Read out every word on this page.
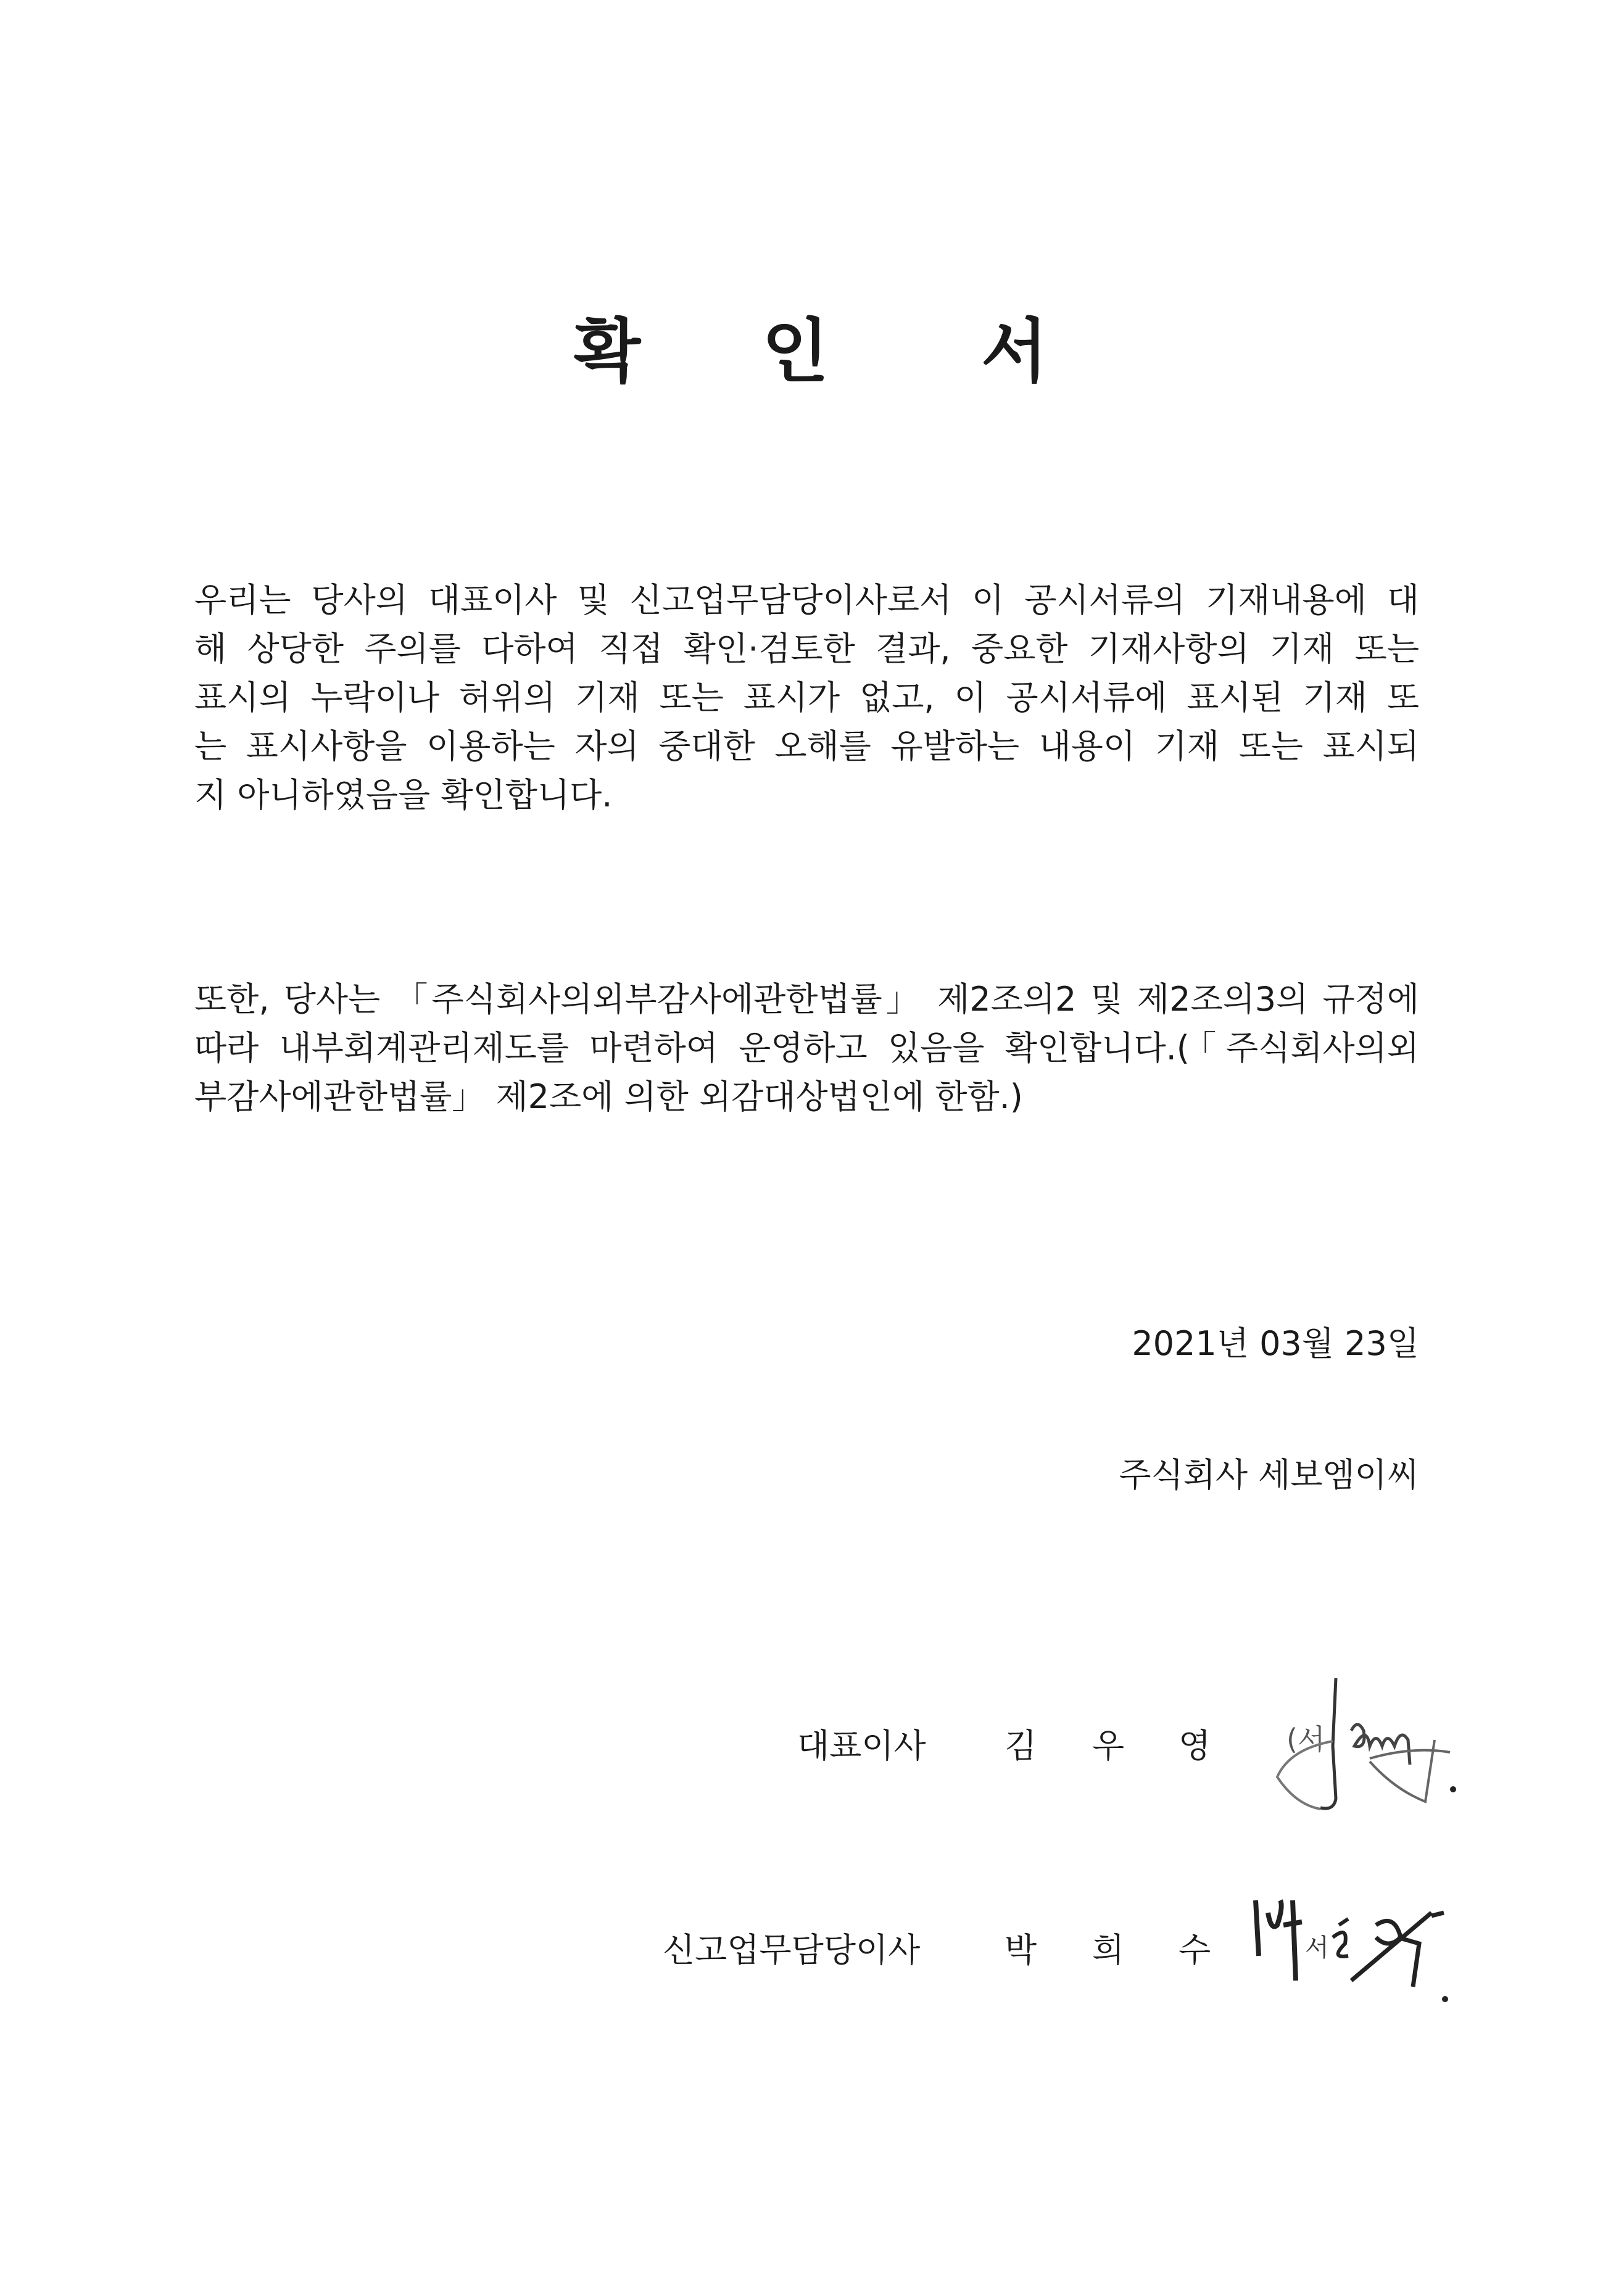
확 인 서
우리는 당사의 대표이사 및 신고업무담당이사로서 이 공시서류의 기재내용에 대
해 상당한 주의를 다하여 직접 확인·검토한 결과, 중요한 기재사항의 기재 또는
표시의 누락이나 허위의 기재 또는 표시가 없고, 이 공시서류에 표시된 기재 또
는 표시사항을 이용하는 자의 중대한 오해를 유발하는 내용이 기재 또는 표시되
지 아니하였음을 확인합니다.
또한, 당사는 「주식회사의외부감사에관한법률」 제2조의2 및 제2조의3의 규정에
따라 내부회계관리제도를 마련하여 운영하고 있음을 확인합니다.(「주식회사의외
부감사에관한법률」 제2조에 의한 외감대상법인에 한함.)
2021년 03월 23일
주식회사 세보엠이씨
대표이사 김 우 영	(서
신고업무담당이사	박 희 수	서
